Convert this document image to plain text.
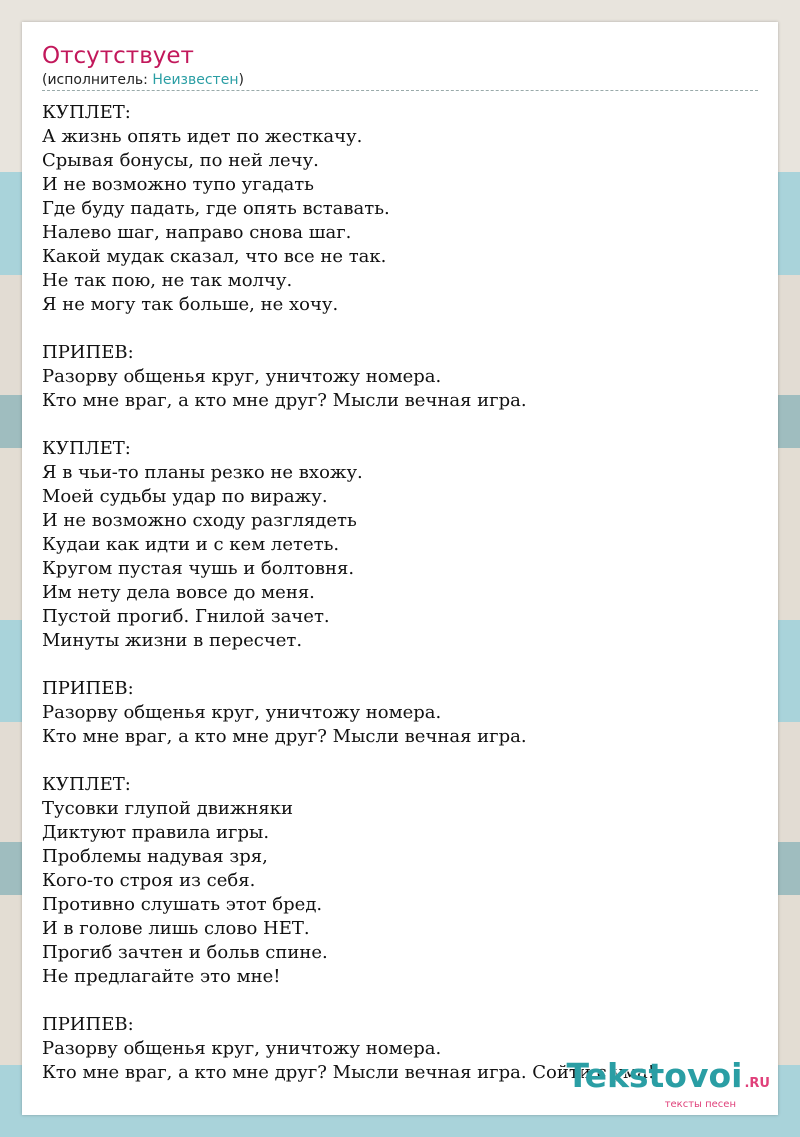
Отсутствует
(исполнитель: Неизвестен)
КУПЛЕТ:
А жизнь опять идет по жесткачу.
Срывая бонусы, по ней лечу.
И не возможно тупо угадать
Где буду падать, где опять вставать.
Налево шаг, направо снова шаг.
Какой мудак сказал, что все не так.
Не так пою, не так молчу.
Я не могу так больше, не хочу.

ПРИПЕВ:
Разорву общенья круг, уничтожу номера.
Кто мне враг, а кто мне друг? Мысли вечная игра.

КУПЛЕТ:
Я в чьи-то планы резко не вхожу.
Моей судьбы удар по виражу.
И не возможно сходу разглядеть
Кудаи как идти и с кем лететь.
Кругом пустая чушь и болтовня.
Им нету дела вовсе до меня.
Пустой прогиб. Гнилой зачет.
Минуты жизни в пересчет.

ПРИПЕВ:
Разорву общенья круг, уничтожу номера.
Кто мне враг, а кто мне друг? Мысли вечная игра.

КУПЛЕТ:
Тусовки глупой движняки
Диктуют правила игры.
Проблемы надувая зря,
Кого-то строя из себя.
Противно слушать этот бред.
И в голове лишь слово НЕТ.
Прогиб зачтен и больв спине.
Не предлагайте это мне!

ПРИПЕВ:
Разорву общенья круг, уничтожу номера.
Кто мне враг, а кто мне друг? Мысли вечная игра. Сойти с ума!
Tekstovoi .RU
тексты песен
